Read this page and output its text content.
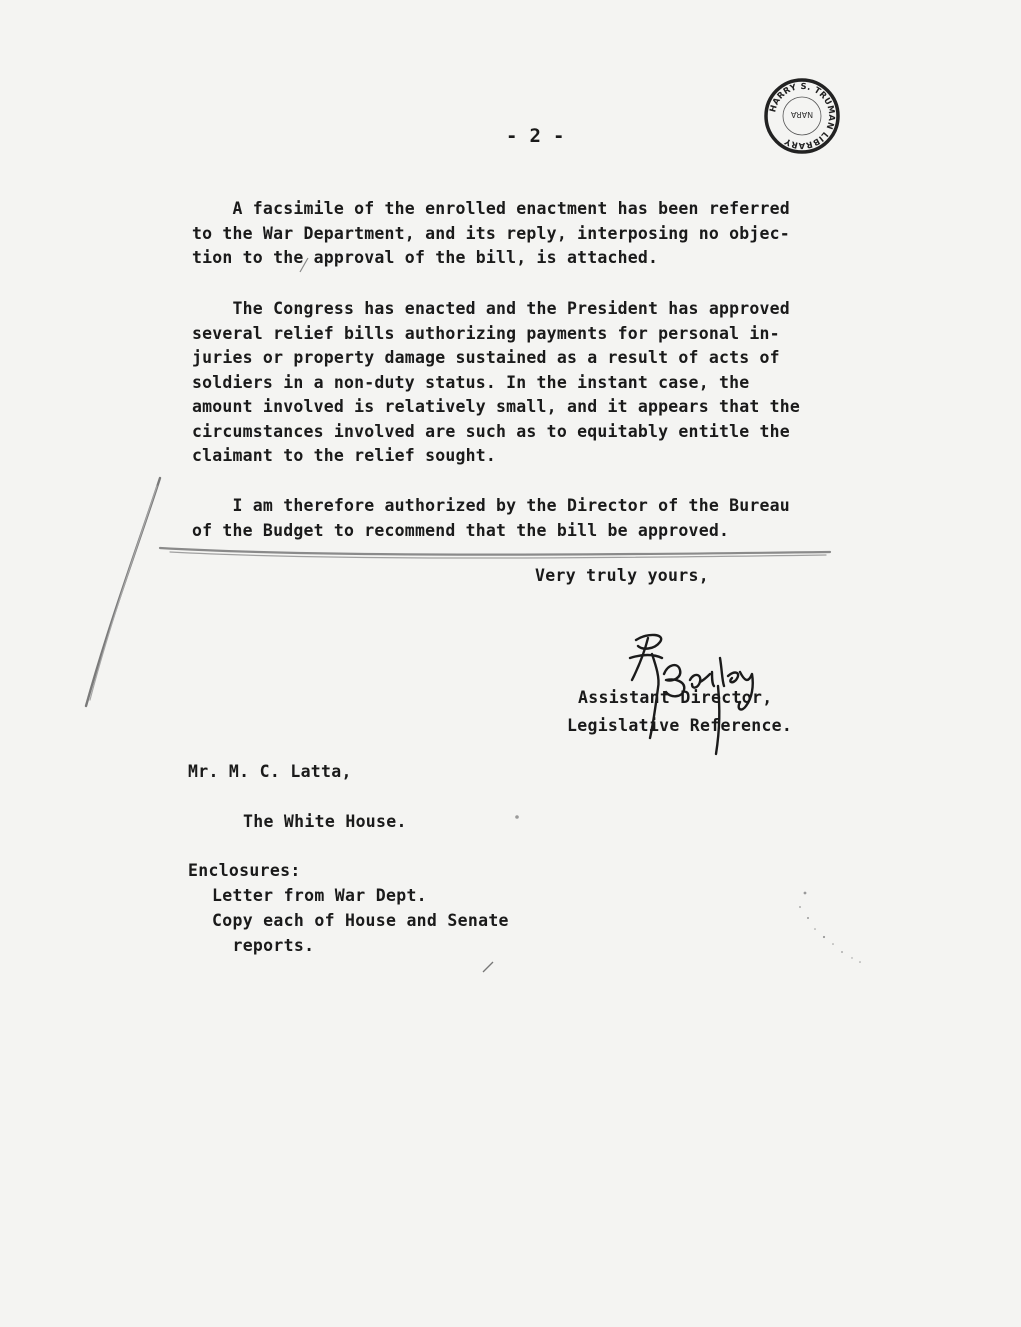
- 2 -
HARRY S. TRUMAN LIBRARY
NARA
A facsimile of the enrolled enactment has been referred
to the War Department, and its reply, interposing no objec-
tion to the approval of the bill, is attached.
The Congress has enacted and the President has approved
several relief bills authorizing payments for personal in-
juries or property damage sustained as a result of acts of
soldiers in a non-duty status. In the instant case, the
amount involved is relatively small, and it appears that the
circumstances involved are such as to equitably entitle the
claimant to the relief sought.
I am therefore authorized by the Director of the Bureau
of the Budget to recommend that the bill be approved.
Very truly yours,
Bailey
Assistant Director,
Legislative Reference.
Mr. M. C. Latta,
The White House.
Enclosures:
Letter from War Dept.
Copy each of House and Senate
reports.
